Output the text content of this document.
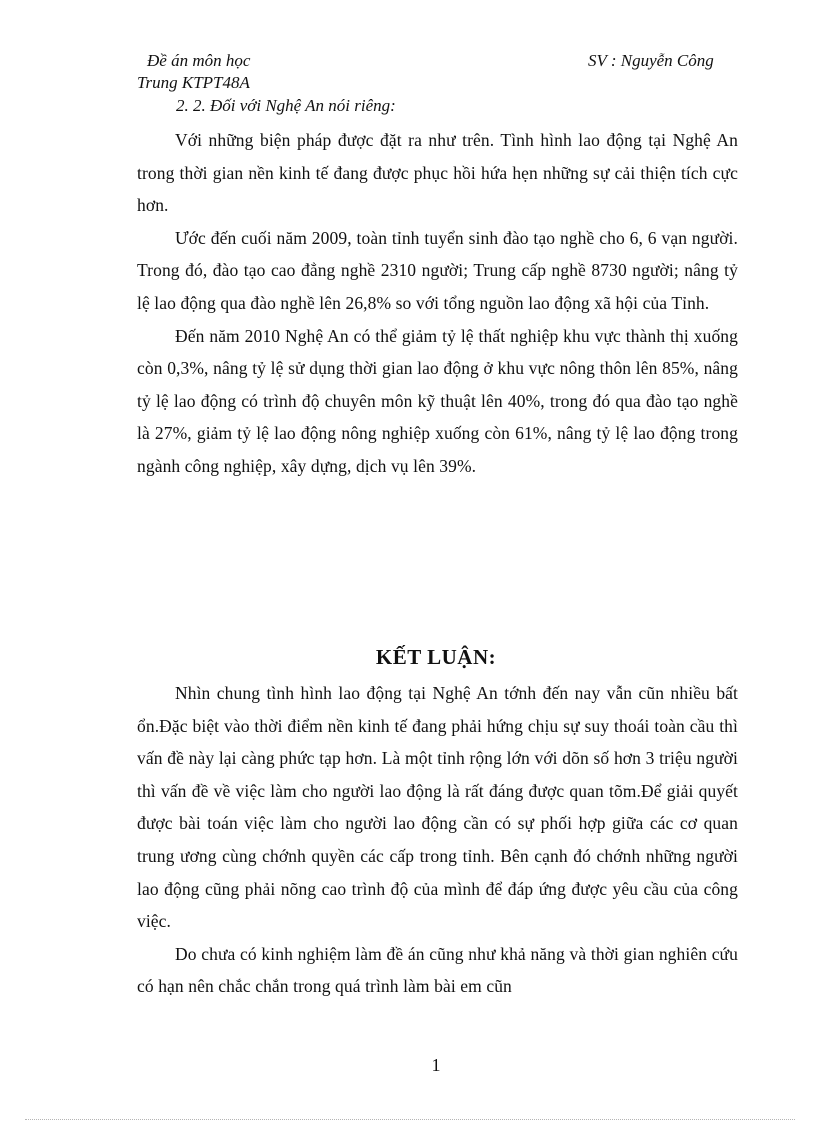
Đề án môn học
Trung KTPT48A
SV : Nguyễn Công
2. 2. Đối với Nghệ An nói riêng:

Với những biện pháp được đặt ra như trên. Tình hình lao động tại Nghệ An trong thời gian nền kinh tế đang được phục hồi hứa hẹn những sự cải thiện tích cực hơn.

Ước đến cuối năm 2009, toàn tỉnh tuyển sinh đào tạo nghề cho 6, 6 vạn người. Trong đó, đào tạo cao đẳng nghề 2310 người; Trung cấp nghề 8730 người; nâng tỷ lệ lao động qua đào nghề lên 26,8% so với tổng nguồn lao động xã hội của Tỉnh.

Đến năm 2010 Nghệ An có thể giảm tỷ lệ thất nghiệp khu vực thành thị xuống còn 0,3%, nâng tỷ lệ sử dụng thời gian lao động ở khu vực nông thôn lên 85%, nâng tỷ lệ lao động có trình độ chuyên môn kỹ thuật lên 40%, trong đó qua đào tạo nghề là 27%, giảm tỷ lệ lao động nông nghiệp xuống còn 61%, nâng tỷ lệ lao động trong ngành công nghiệp, xây dựng, dịch vụ lên 39%.

KẾT LUẬN:

Nhìn chung tình hình lao động tại Nghệ An tớnh đến nay vẫn cũn nhiều bất ổn.Đặc biệt vào thời điểm nền kinh tế đang phải hứng chịu sự suy thoái toàn cầu thì vấn đề này lại càng phức tạp hơn. Là một tỉnh rộng lớn với dõn số hơn 3 triệu người thì vấn đề về việc làm cho người lao động là rất đáng được quan tõm.Để giải quyết được bài toán việc làm cho người lao động cần có sự phối hợp giữa các cơ quan trung ương cùng chớnh quyền các cấp trong tỉnh. Bên cạnh đó chớnh những người lao động cũng phải nõng cao trình độ của mình để đáp ứng được yêu cầu của công việc.

Do chưa có kinh nghiệm làm đề án cũng như khả năng và thời gian nghiên cứu có hạn nên chắc chắn trong quá trình làm bài em cũn

1
